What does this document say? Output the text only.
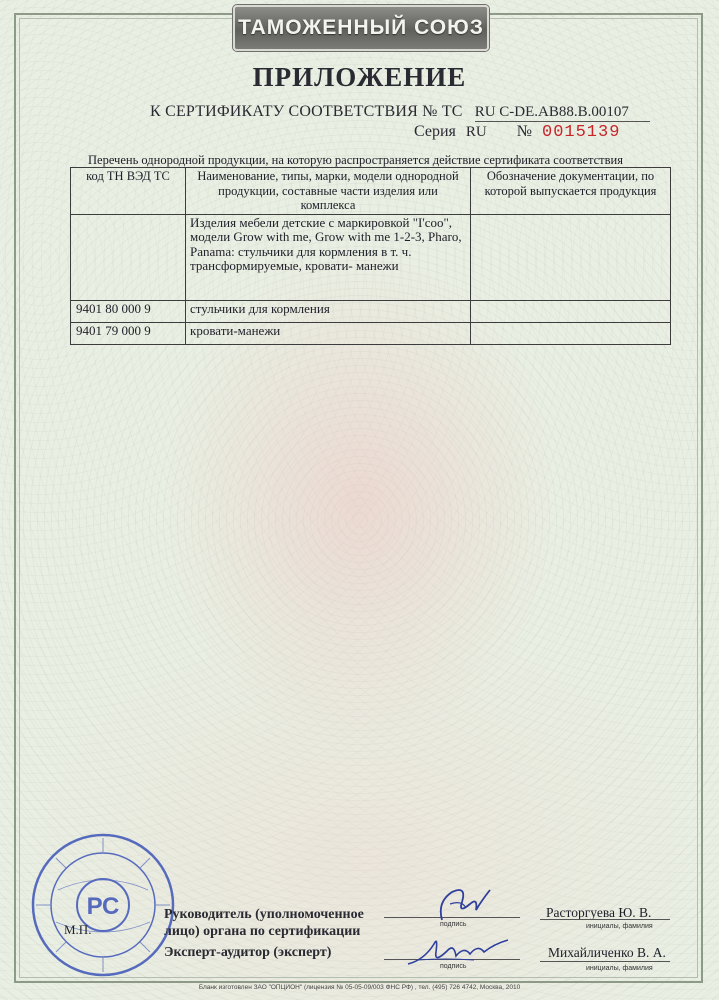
ТАМОЖЕННЫЙ СОЮЗ
ПРИЛОЖЕНИЕ
К СЕРТИФИКАТУ СООТВЕТСТВИЯ № ТС RU C-DE.AB88.B.00107
Серия RU № 0015139
Перечень однородной продукции, на которую распространяется действие сертификата соответствия
код ТН ВЭД ТС	Наименование, типы, марки, модели однородной продукции, составные части изделия или комплекса	Обозначение документации, по которой выпускается продукция
	Изделия мебели детские с маркировкой "I'coo", модели Grow with me, Grow with me 1-2-3, Pharo, Panama: стульчики для кормления в т. ч. трансформируемые, кровати- манежи	
9401 80 000 9	стульчики для кормления	
9401 79 000 9	кровати-манежи	
РС
М.П.
Руководитель (уполномоченное
лицо) органа по сертификации	подпись
Расторгуева Ю. В.
инициалы, фамилия
Эксперт-аудитор (эксперт)
подпись
Михайличенко В. А.
инициалы, фамилия
Бланк изготовлен ЗАО "ОПЦИОН" (лицензия № 05-05-09/003 ФНС РФ) , тел. (495) 726 4742, Москва, 2010
